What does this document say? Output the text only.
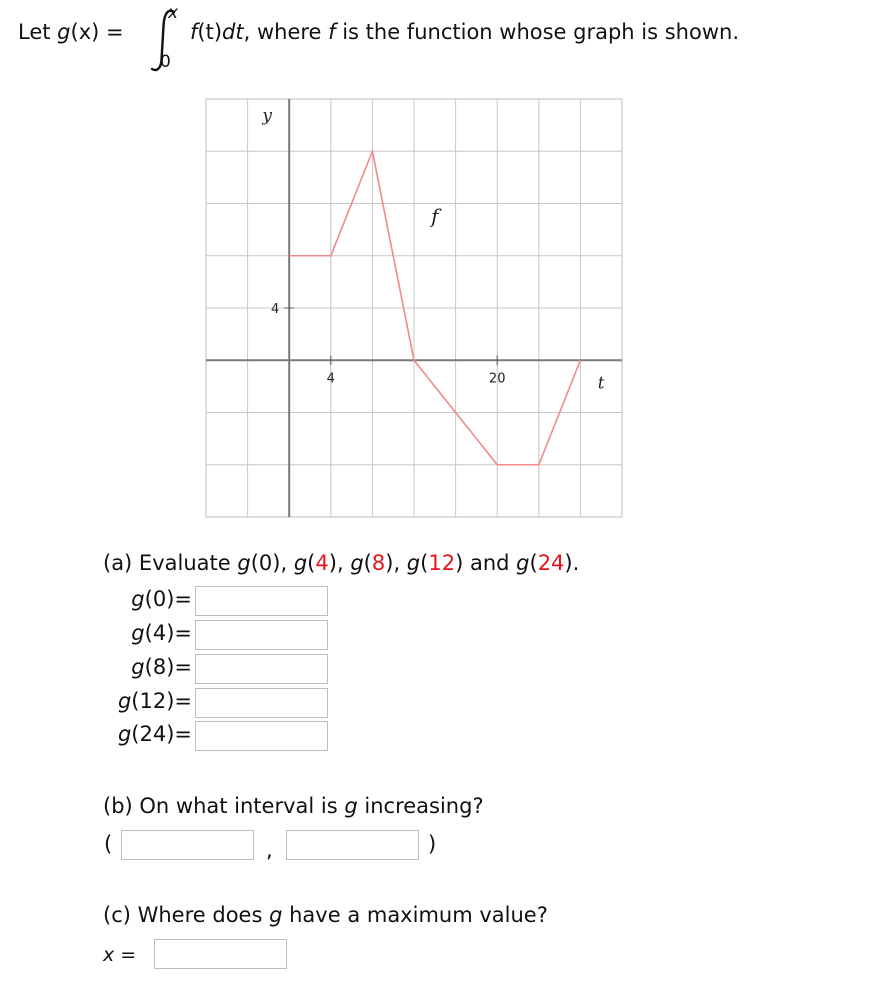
Let g(x) =
x
0
f(t)dt, where f is the function whose graph is shown.
4	20
4
y
t
f
(a) Evaluate g(0), g(4), g(8), g(12) and g(24).
g(0)=
g(4)=
g(8)=
g(12)=
g(24)=
(b) On what interval is g increasing?
(	,	)
(c) Where does g have a maximum value?
x =
